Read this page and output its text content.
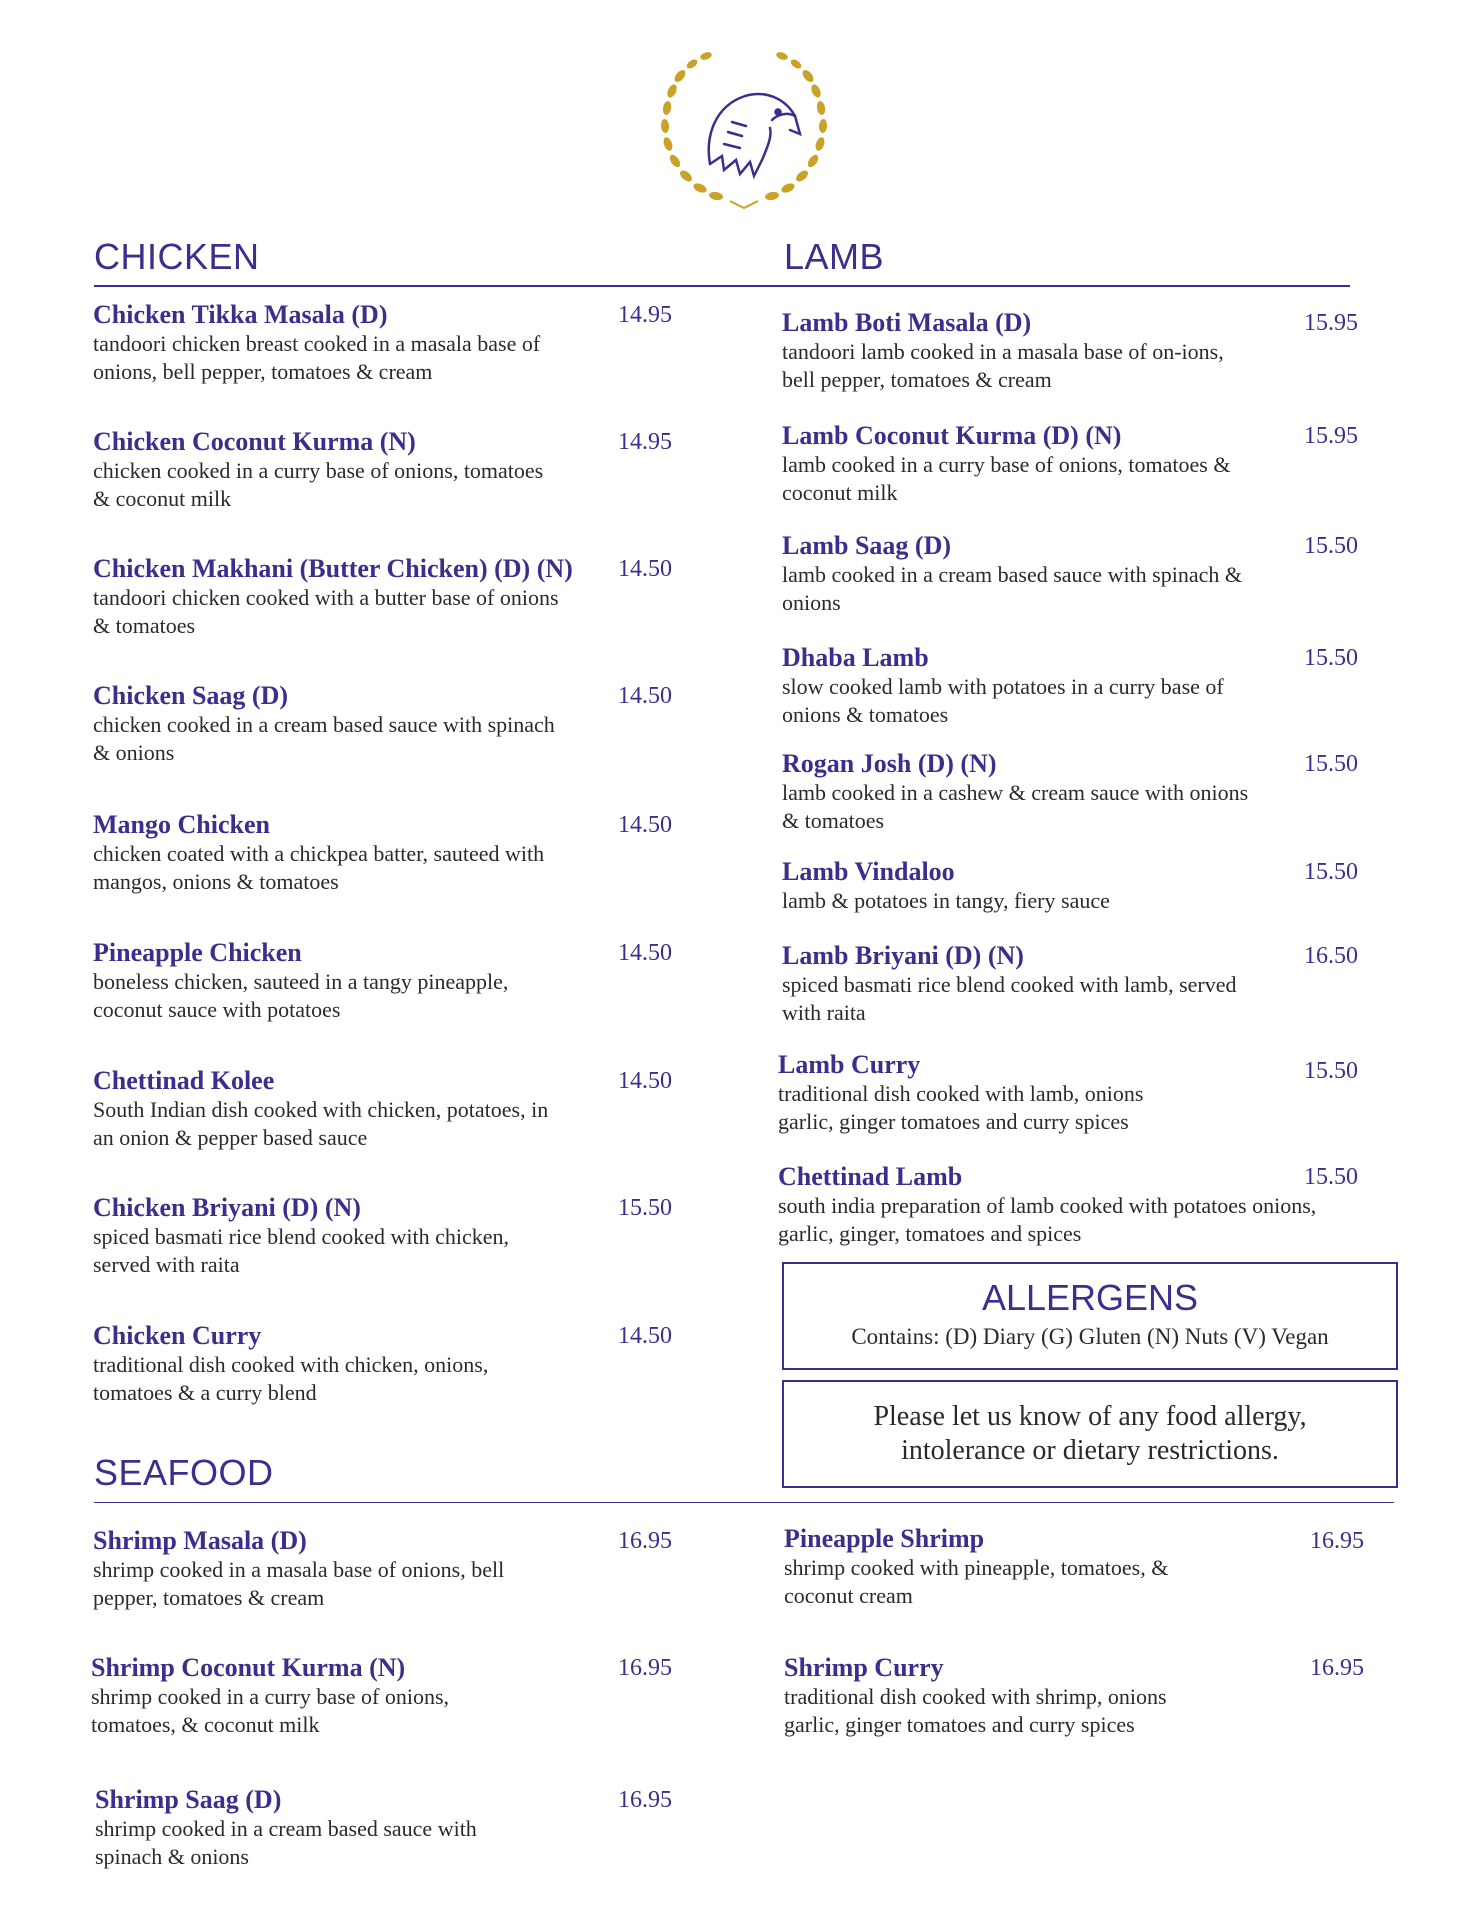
CHICKEN	LAMB
Chicken Tikka Masala (D)
tandoori chicken breast cooked in a masala base of onions, bell pepper, tomatoes & cream
14.95
Chicken Coconut Kurma (N)
chicken cooked in a curry base of onions, tomatoes & coconut milk
14.95
Chicken Makhani (Butter Chicken) (D) (N)
tandoori chicken cooked with a butter base of onions & tomatoes
14.50
Chicken Saag (D)
chicken cooked in a cream based sauce with spinach & onions
14.50
Mango Chicken
chicken coated with a chickpea batter, sauteed with mangos, onions & tomatoes
14.50
Pineapple Chicken
boneless chicken, sauteed in a tangy pineapple, coconut sauce with potatoes
14.50
Chettinad Kolee
South Indian dish cooked with chicken, potatoes, in an onion & pepper based sauce
14.50
Chicken Briyani (D) (N)
spiced basmati rice blend cooked with chicken, served with raita
15.50
Chicken Curry
traditional dish cooked with chicken, onions, tomatoes & a curry blend
14.50
Lamb Boti Masala (D)
tandoori lamb cooked in a masala base of on-ions, bell pepper, tomatoes & cream
15.95
Lamb Coconut Kurma (D) (N)
lamb cooked in a curry base of onions, tomatoes & coconut milk
15.95
Lamb Saag (D)
lamb cooked in a cream based sauce with spinach & onions
15.50
Dhaba Lamb
slow cooked lamb with potatoes in a curry base of onions & tomatoes
15.50
Rogan Josh (D) (N)
lamb cooked in a cashew & cream sauce with onions & tomatoes
15.50
Lamb Vindaloo
lamb & potatoes in tangy, fiery sauce
15.50
Lamb Briyani (D) (N)
spiced basmati rice blend cooked with lamb, served with raita
16.50
Lamb Curry
traditional dish cooked with lamb, onions garlic, ginger tomatoes and curry spices
15.50
Chettinad Lamb
south india preparation of lamb cooked with potatoes onions, garlic, ginger, tomatoes and spices
15.50
ALLERGENS
Contains: (D) Diary (G) Gluten (N) Nuts (V) Vegan
Please let us know of any food allergy,
intolerance or dietary restrictions.
SEAFOOD
Shrimp Masala (D)
shrimp cooked in a masala base of onions, bell pepper, tomatoes & cream
16.95
Shrimp Coconut Kurma (N)
shrimp cooked in a curry base of onions, tomatoes, & coconut milk
16.95
Shrimp Saag (D)
shrimp cooked in a cream based sauce with spinach & onions
16.95
Pineapple Shrimp
shrimp cooked with pineapple, tomatoes, & coconut cream
16.95
Shrimp Curry
traditional dish cooked with shrimp, onions garlic, ginger tomatoes and curry spices
16.95
